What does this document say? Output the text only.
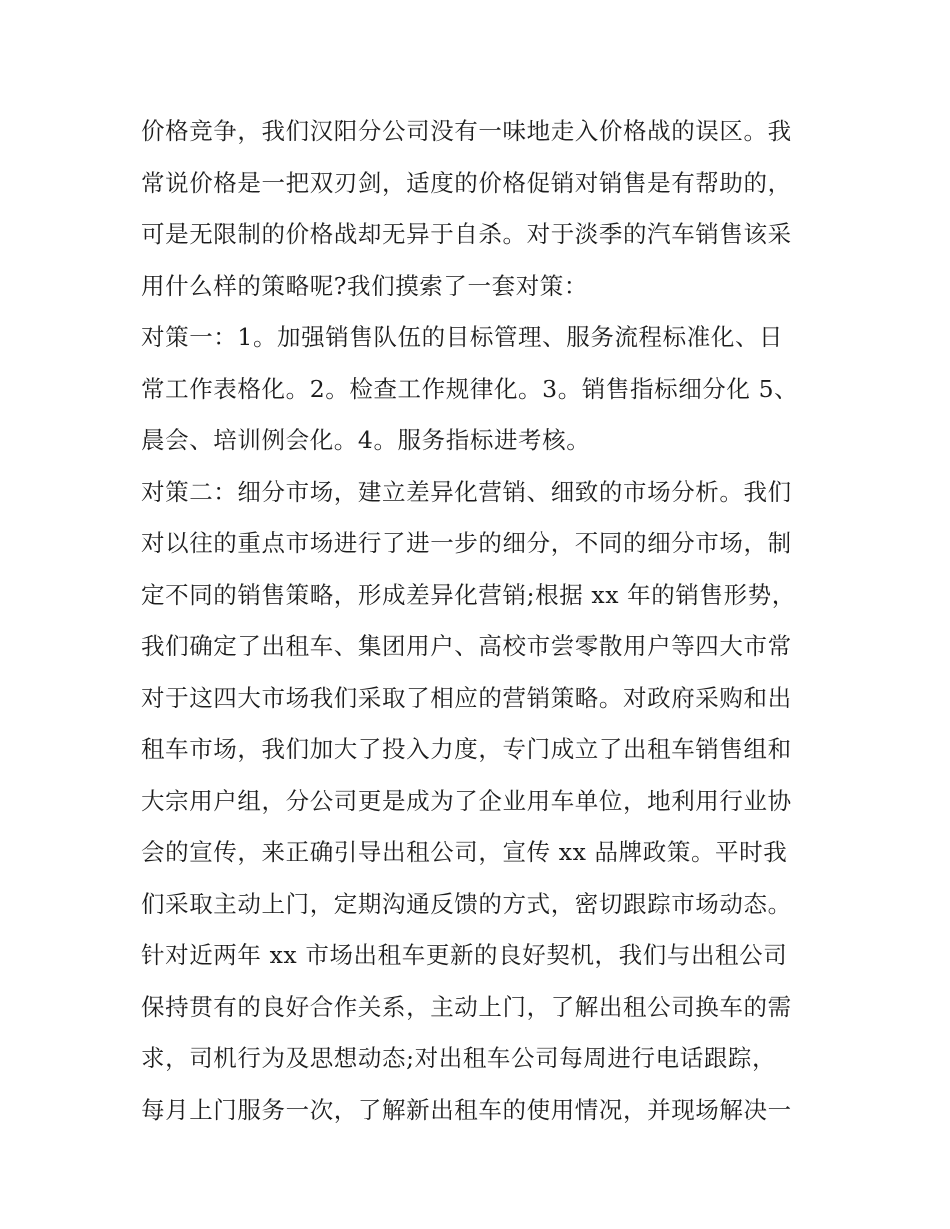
价格竞争，我们汉阳分公司没有一味地走入价格战的误区。我
常说价格是一把双刃剑，适度的价格促销对销售是有帮助的，
可是无限制的价格战却无异于自杀。对于淡季的汽车销售该采
用什么样的策略呢?我们摸索了一套对策：
对策一：1。加强销售队伍的目标管理、服务流程标准化、日
常工作表格化。2。检查工作规律化。3。销售指标细分化 5、
晨会、培训例会化。4。服务指标进考核。
对策二：细分市场，建立差异化营销、细致的市场分析。我们
对以往的重点市场进行了进一步的细分，不同的细分市场，制
定不同的销售策略，形成差异化营销;根据 xx 年的销售形势，
我们确定了出租车、集团用户、高校市尝零散用户等四大市常
对于这四大市场我们采取了相应的营销策略。对政府采购和出
租车市场，我们加大了投入力度，专门成立了出租车销售组和
大宗用户组，分公司更是成为了企业用车单位，地利用行业协
会的宣传，来正确引导出租公司，宣传 xx 品牌政策。平时我
们采取主动上门，定期沟通反馈的方式，密切跟踪市场动态。
针对近两年 xx 市场出租车更新的良好契机，我们与出租公司
保持贯有的良好合作关系，主动上门，了解出租公司换车的需
求，司机行为及思想动态;对出租车公司每周进行电话跟踪，
每月上门服务一次，了解新出租车的使用情况，并现场解决一
